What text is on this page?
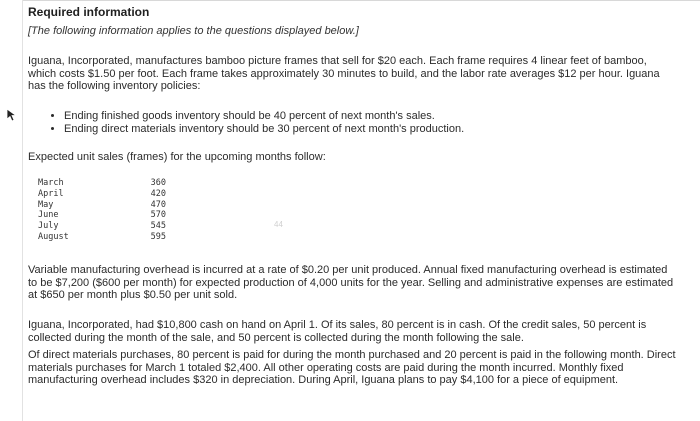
Required information
[The following information applies to the questions displayed below.]
Iguana, Incorporated, manufactures bamboo picture frames that sell for $20 each. Each frame requires 4 linear feet of bamboo, which costs $1.50 per foot. Each frame takes approximately 30 minutes to build, and the labor rate averages $12 per hour. Iguana has the following inventory policies:
• Ending finished goods inventory should be 40 percent of next month's sales.
• Ending direct materials inventory should be 30 percent of next month's production.
Expected unit sales (frames) for the upcoming months follow:
March	360
April	420
May	470
June	570
July	545
August	595
44
Variable manufacturing overhead is incurred at a rate of $0.20 per unit produced. Annual fixed manufacturing overhead is estimated to be $7,200 ($600 per month) for expected production of 4,000 units for the year. Selling and administrative expenses are estimated at $650 per month plus $0.50 per unit sold.
Iguana, Incorporated, had $10,800 cash on hand on April 1. Of its sales, 80 percent is in cash. Of the credit sales, 50 percent is collected during the month of the sale, and 50 percent is collected during the month following the sale.
Of direct materials purchases, 80 percent is paid for during the month purchased and 20 percent is paid in the following month. Direct materials purchases for March 1 totaled $2,400. All other operating costs are paid during the month incurred. Monthly fixed manufacturing overhead includes $320 in depreciation. During April, Iguana plans to pay $4,100 for a piece of equipment.
